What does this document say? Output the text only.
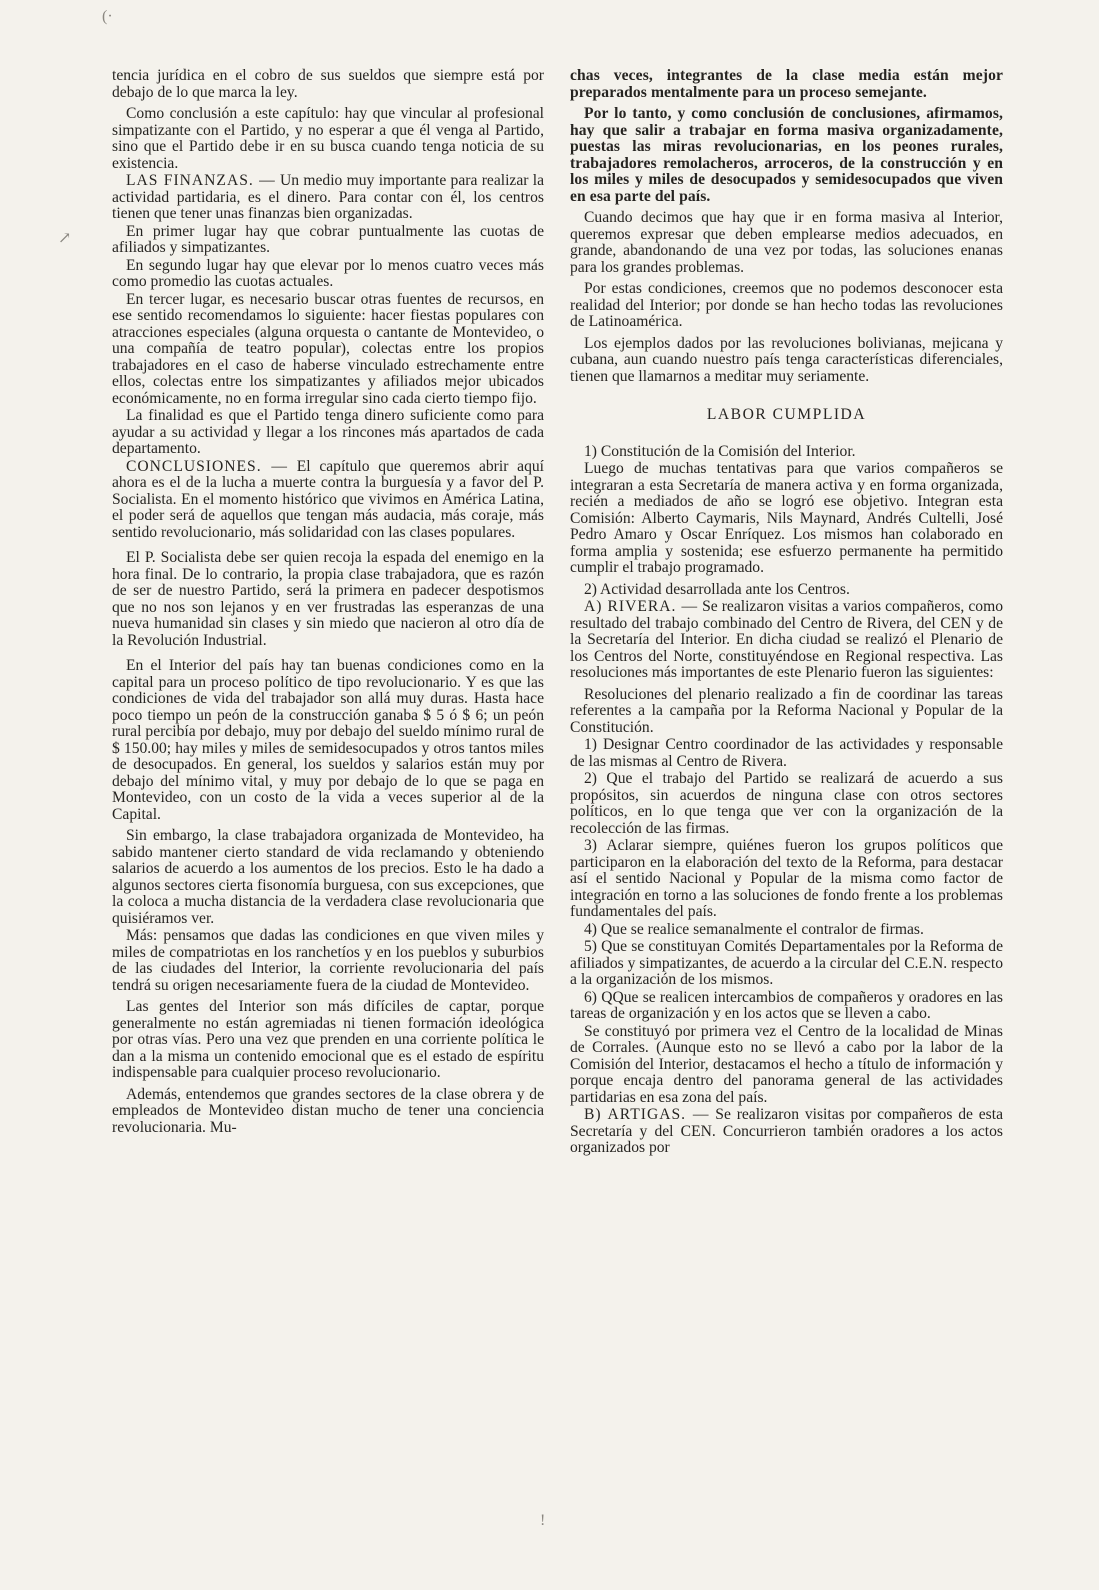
(·
↗
!

tencia jurídica en el cobro de sus sueldos que siempre está por debajo de lo que marca la ley.

Como conclusión a este capítulo: hay que vincular al profesional simpatizante con el Partido, y no esperar a que él venga al Partido, sino que el Partido debe ir en su busca cuando tenga noticia de su existencia.

LAS FINANZAS. — Un medio muy importante para realizar la actividad partidaria, es el dinero. Para contar con él, los centros tienen que tener unas finanzas bien organizadas.

En primer lugar hay que cobrar puntualmente las cuotas de afiliados y simpatizantes.

En segundo lugar hay que elevar por lo menos cuatro veces más como promedio las cuotas actuales.

En tercer lugar, es necesario buscar otras fuentes de recursos, en ese sentido recomendamos lo siguiente: hacer fiestas populares con atracciones especiales (alguna orquesta o cantante de Montevideo, o una compañía de teatro popular), colectas entre los propios trabajadores en el caso de haberse vinculado estrechamente entre ellos, colectas entre los simpatizantes y afiliados mejor ubicados económicamente, no en forma irregular sino cada cierto tiempo fijo.

La finalidad es que el Partido tenga dinero suficiente como para ayudar a su actividad y llegar a los rincones más apartados de cada departamento.

CONCLUSIONES. — El capítulo que queremos abrir aquí ahora es el de la lucha a muerte contra la burguesía y a favor del P. Socialista. En el momento histórico que vivimos en América Latina, el poder será de aquellos que tengan más audacia, más coraje, más sentido revolucionario, más solidaridad con las clases populares.

El P. Socialista debe ser quien recoja la espada del enemigo en la hora final. De lo contrario, la propia clase trabajadora, que es razón de ser de nuestro Partido, será la primera en padecer despotismos que no nos son lejanos y en ver frustradas las esperanzas de una nueva humanidad sin clases y sin miedo que nacieron al otro día de la Revolución Industrial.

En el Interior del país hay tan buenas condiciones como en la capital para un proceso político de tipo revolucionario. Y es que las condiciones de vida del trabajador son allá muy duras. Hasta hace poco tiempo un peón de la construcción ganaba $ 5 ó $ 6; un peón rural percibía por debajo, muy por debajo del sueldo mínimo rural de $ 150.00; hay miles y miles de semidesocupados y otros tantos miles de desocupados. En general, los sueldos y salarios están muy por debajo del mínimo vital, y muy por debajo de lo que se paga en Montevideo, con un costo de la vida a veces superior al de la Capital.

Sin embargo, la clase trabajadora organizada de Montevideo, ha sabido mantener cierto standard de vida reclamando y obteniendo salarios de acuerdo a los aumentos de los precios. Esto le ha dado a algunos sectores cierta fisonomía burguesa, con sus excepciones, que la coloca a mucha distancia de la verdadera clase revolucionaria que quisiéramos ver.

Más: pensamos que dadas las condiciones en que viven miles y miles de compatriotas en los ranchetíos y en los pueblos y suburbios de las ciudades del Interior, la corriente revolucionaria del país tendrá su origen necesariamente fuera de la ciudad de Montevideo.

Las gentes del Interior son más difíciles de captar, porque generalmente no están agremiadas ni tienen formación ideológica por otras vías. Pero una vez que prenden en una corriente política le dan a la misma un contenido emocional que es el estado de espíritu indispensable para cualquier proceso revolucionario.

Además, entendemos que grandes sectores de la clase obrera y de empleados de Montevideo distan mucho de tener una conciencia revolucionaria. Mu-

chas veces, integrantes de la clase media están mejor preparados mentalmente para un proceso semejante.

Por lo tanto, y como conclusión de conclusiones, afirmamos, hay que salir a trabajar en forma masiva organizadamente, puestas las miras revolucionarias, en los peones rurales, trabajadores remolacheros, arroceros, de la construcción y en los miles y miles de desocupados y semidesocupados que viven en esa parte del país.

Cuando decimos que hay que ir en forma masiva al Interior, queremos expresar que deben emplearse medios adecuados, en grande, abandonando de una vez por todas, las soluciones enanas para los grandes problemas.

Por estas condiciones, creemos que no podemos desconocer esta realidad del Interior; por donde se han hecho todas las revoluciones de Latinoamérica.

Los ejemplos dados por las revoluciones bolivianas, mejicana y cubana, aun cuando nuestro país tenga características diferenciales, tienen que llamarnos a meditar muy seriamente.

LABOR CUMPLIDA

1) Constitución de la Comisión del Interior.

Luego de muchas tentativas para que varios compañeros se integraran a esta Secretaría de manera activa y en forma organizada, recién a mediados de año se logró ese objetivo. Integran esta Comisión: Alberto Caymaris, Nils Maynard, Andrés Cultelli, José Pedro Amaro y Oscar Enríquez. Los mismos han colaborado en forma amplia y sostenida; ese esfuerzo permanente ha permitido cumplir el trabajo programado.

2) Actividad desarrollada ante los Centros.

A) RIVERA. — Se realizaron visitas a varios compañeros, como resultado del trabajo combinado del Centro de Rivera, del CEN y de la Secretaría del Interior. En dicha ciudad se realizó el Plenario de los Centros del Norte, constituyéndose en Regional respectiva. Las resoluciones más importantes de este Plenario fueron las siguientes:

Resoluciones del plenario realizado a fin de coordinar las tareas referentes a la campaña por la Reforma Nacional y Popular de la Constitución.

1) Designar Centro coordinador de las actividades y responsable de las mismas al Centro de Rivera.

2) Que el trabajo del Partido se realizará de acuerdo a sus propósitos, sin acuerdos de ninguna clase con otros sectores políticos, en lo que tenga que ver con la organización de la recolección de las firmas.

3) Aclarar siempre, quiénes fueron los grupos políticos que participaron en la elaboración del texto de la Reforma, para destacar así el sentido Nacional y Popular de la misma como factor de integración en torno a las soluciones de fondo frente a los problemas fundamentales del país.

4) Que se realice semanalmente el contralor de firmas.

5) Que se constituyan Comités Departamentales por la Reforma de afiliados y simpatizantes, de acuerdo a la circular del C.E.N. respecto a la organización de los mismos.

6) QQue se realicen intercambios de compañeros y oradores en las tareas de organización y en los actos que se lleven a cabo.

Se constituyó por primera vez el Centro de la localidad de Minas de Corrales. (Aunque esto no se llevó a cabo por la labor de la Comisión del Interior, destacamos el hecho a título de información y porque encaja dentro del panorama general de las actividades partidarias en esa zona del país.

B) ARTIGAS. — Se realizaron visitas por compañeros de esta Secretaría y del CEN. Concurrieron también oradores a los actos organizados por
